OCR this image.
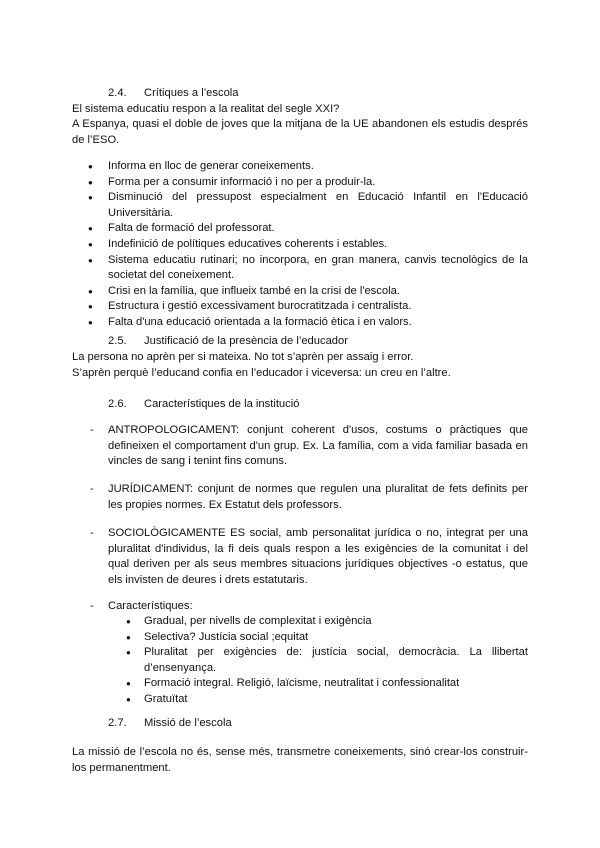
2.4. Crítiques a l’escola
El sistema educatiu respon a la realitat del segle XXI?
A Espanya, quasi el doble de joves que la mitjana de la UE abandonen els estudis després de l’ESO.
● Informa en lloc de generar coneixements.
● Forma per a consumir informació i no per a produir-la.
● Disminució del pressupost especialment en Educació Infantil en l'Educació Universitària.
● Falta de formació del professorat.
● Indefinició de polítiques educatives coherents i estables.
● Sistema educatiu rutinari; no incorpora, en gran manera, canvis tecnològics de la societat del coneixement.
● Crisi en la família, que influeix també en la crisi de l'escola.
● Estructura i gestió excessivament burocratitzada i centralista.
● Falta d'una educació orientada a la formació ètica i en valors.
2.5. Justificació de la presència de l’educador
La persona no aprèn per si mateixa. No tot s’aprèn per assaig i error.
S’aprèn perquè l’educand confia en l’educador i viceversa: un creu en l’altre.
2.6. Característiques de la institució
- ANTROPOLOGICAMENT: conjunt coherent d'usos, costums o pràctiques que defineixen el comportament d'un grup. Ex. La família, com a vida familiar basada en vincles de sang i tenint fins comuns.
- JURÍDICAMENT: conjunt de normes que regulen una pluralitat de fets definits per les propies normes. Ex Estatut dels professors.
- SOCIOLÒGICAMENTE ES social, amb personalitat jurídica o no, integrat per una pluralitat d'individus, la fi deis quals respon a les exigències de la comunitat i del qual deriven per als seus membres situacions jurídiques objectives -o estatus, que els invisten de deures i drets estatutaris.
- Característiques:
● Gradual, per nivells de complexitat i exigència
● Selectiva? Justícia social ;equitat
● Pluralitat per exigències de: justícia social, democràcia. La llibertat d’ensenyança.
● Formació integral. Religió, laïcisme, neutralitat i confessionalitat
● Gratuïtat
2.7. Missió de l’escola
La missió de l’escola no és, sense més, transmetre coneixements, sinó crear-los construir-los permanentment.
